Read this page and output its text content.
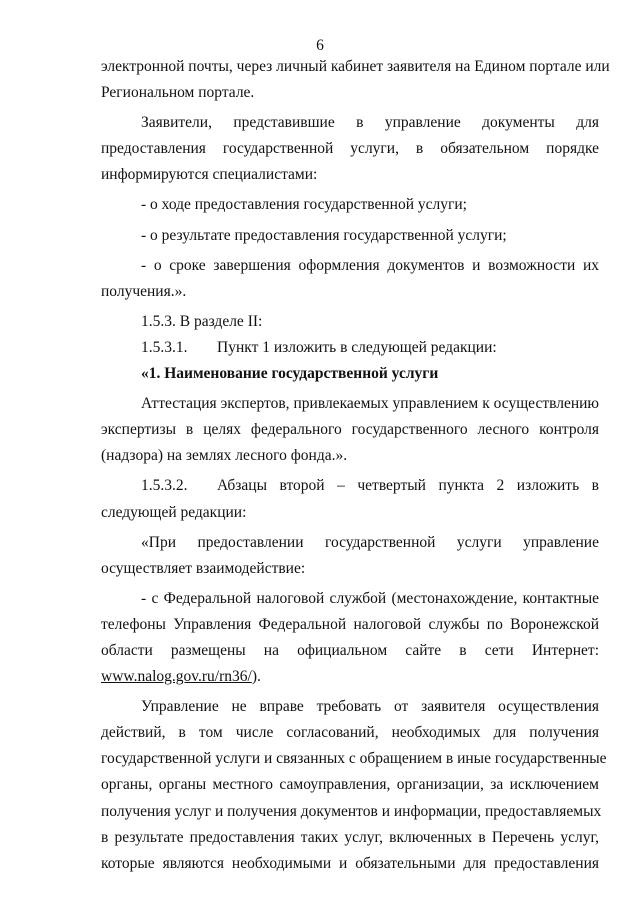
6
электронной почты, через личный кабинет заявителя на Едином портале или
Региональном портале.
Заявители, представившие в управление документы для
предоставления государственной услуги, в обязательном порядке
информируются специалистами:
- о ходе предоставления государственной услуги;
- о результате предоставления государственной услуги;
- о сроке завершения оформления документов и возможности их
получения.».
1.5.3. В разделе II:
1.5.3.1. Пункт 1 изложить в следующей редакции:
«1. Наименование государственной услуги
Аттестация экспертов, привлекаемых управлением к осуществлению
экспертизы в целях федерального государственного лесного контроля
(надзора) на землях лесного фонда.».
1.5.3.2. Абзацы второй – четвертый пункта 2 изложить в
следующей редакции:
«При предоставлении государственной услуги управление
осуществляет взаимодействие:
- с Федеральной налоговой службой (местонахождение, контактные
телефоны Управления Федеральной налоговой службы по Воронежской
области размещены на официальном сайте в сети Интернет:
www.nalog.gov.ru/rn36/).
Управление не вправе требовать от заявителя осуществления
действий, в том числе согласований, необходимых для получения
государственной услуги и связанных с обращением в иные государственные
органы, органы местного самоуправления, организации, за исключением
получения услуг и получения документов и информации, предоставляемых
в результате предоставления таких услуг, включенных в Перечень услуг,
которые являются необходимыми и обязательными для предоставления
